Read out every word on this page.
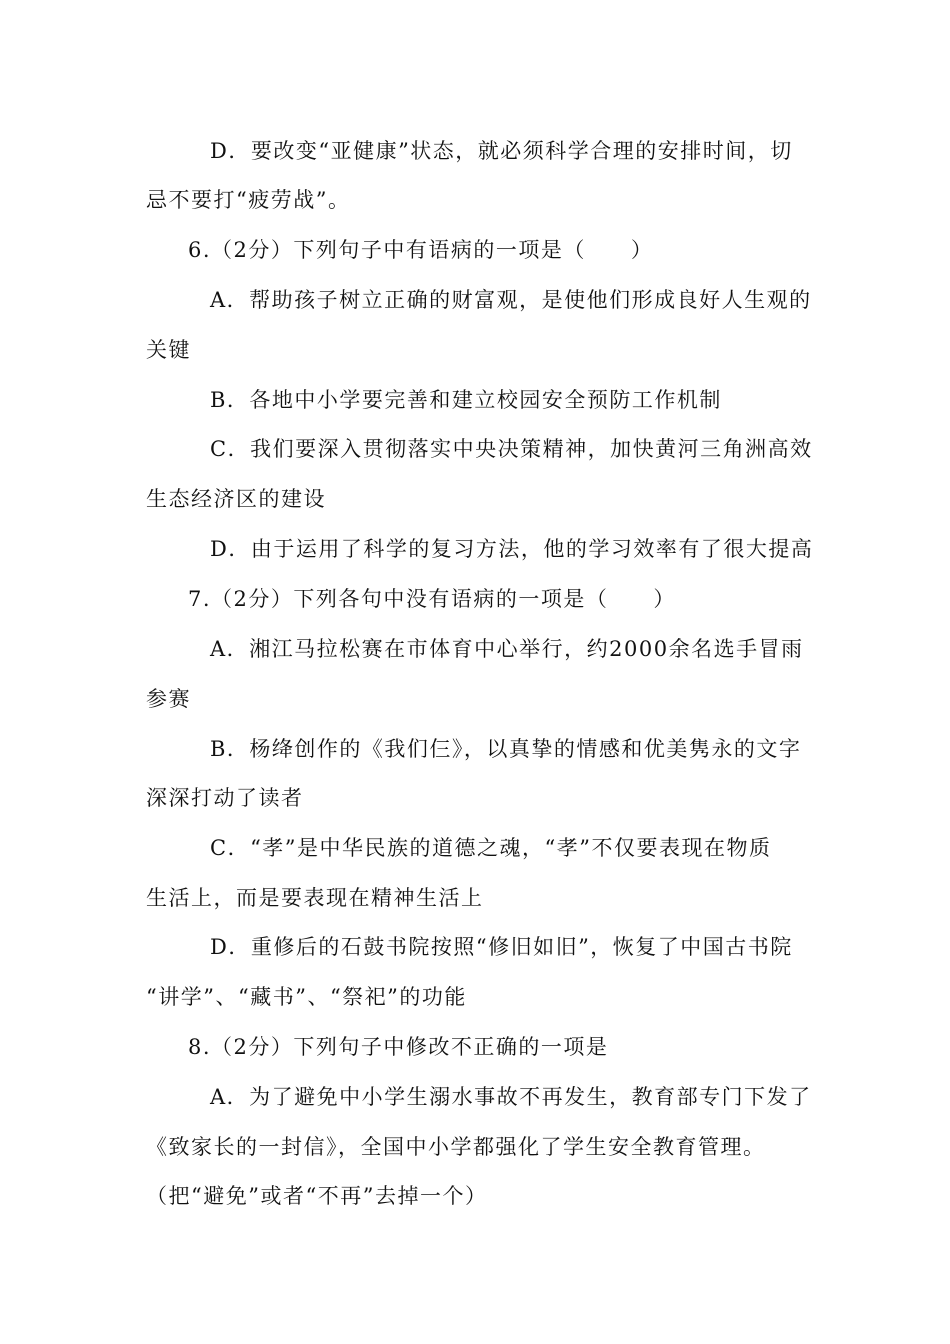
D．要改变“亚健康”状态，就必须科学合理的安排时间，切
忌不要打“疲劳战”。
6.（2分）下列句子中有语病的一项是（　　）
A．帮助孩子树立正确的财富观，是使他们形成良好人生观的
关键
B．各地中小学要完善和建立校园安全预防工作机制
C．我们要深入贯彻落实中央决策精神，加快黄河三角洲高效
生态经济区的建设
D．由于运用了科学的复习方法，他的学习效率有了很大提高
7.（2分）下列各句中没有语病的一项是（　　）
A．湘江马拉松赛在市体育中心举行，约2000余名选手冒雨
参赛
B．杨绛创作的《我们仨》，以真挚的情感和优美隽永的文字
深深打动了读者
C．“孝”是中华民族的道德之魂，“孝”不仅要表现在物质
生活上，而是要表现在精神生活上
D．重修后的石鼓书院按照“修旧如旧”，恢复了中国古书院
“讲学”、“藏书”、“祭祀”的功能
8.（2分）下列句子中修改不正确的一项是
A．为了避免中小学生溺水事故不再发生，教育部专门下发了
《致家长的一封信》，全国中小学都强化了学生安全教育管理。
（把“避免”或者“不再”去掉一个）
